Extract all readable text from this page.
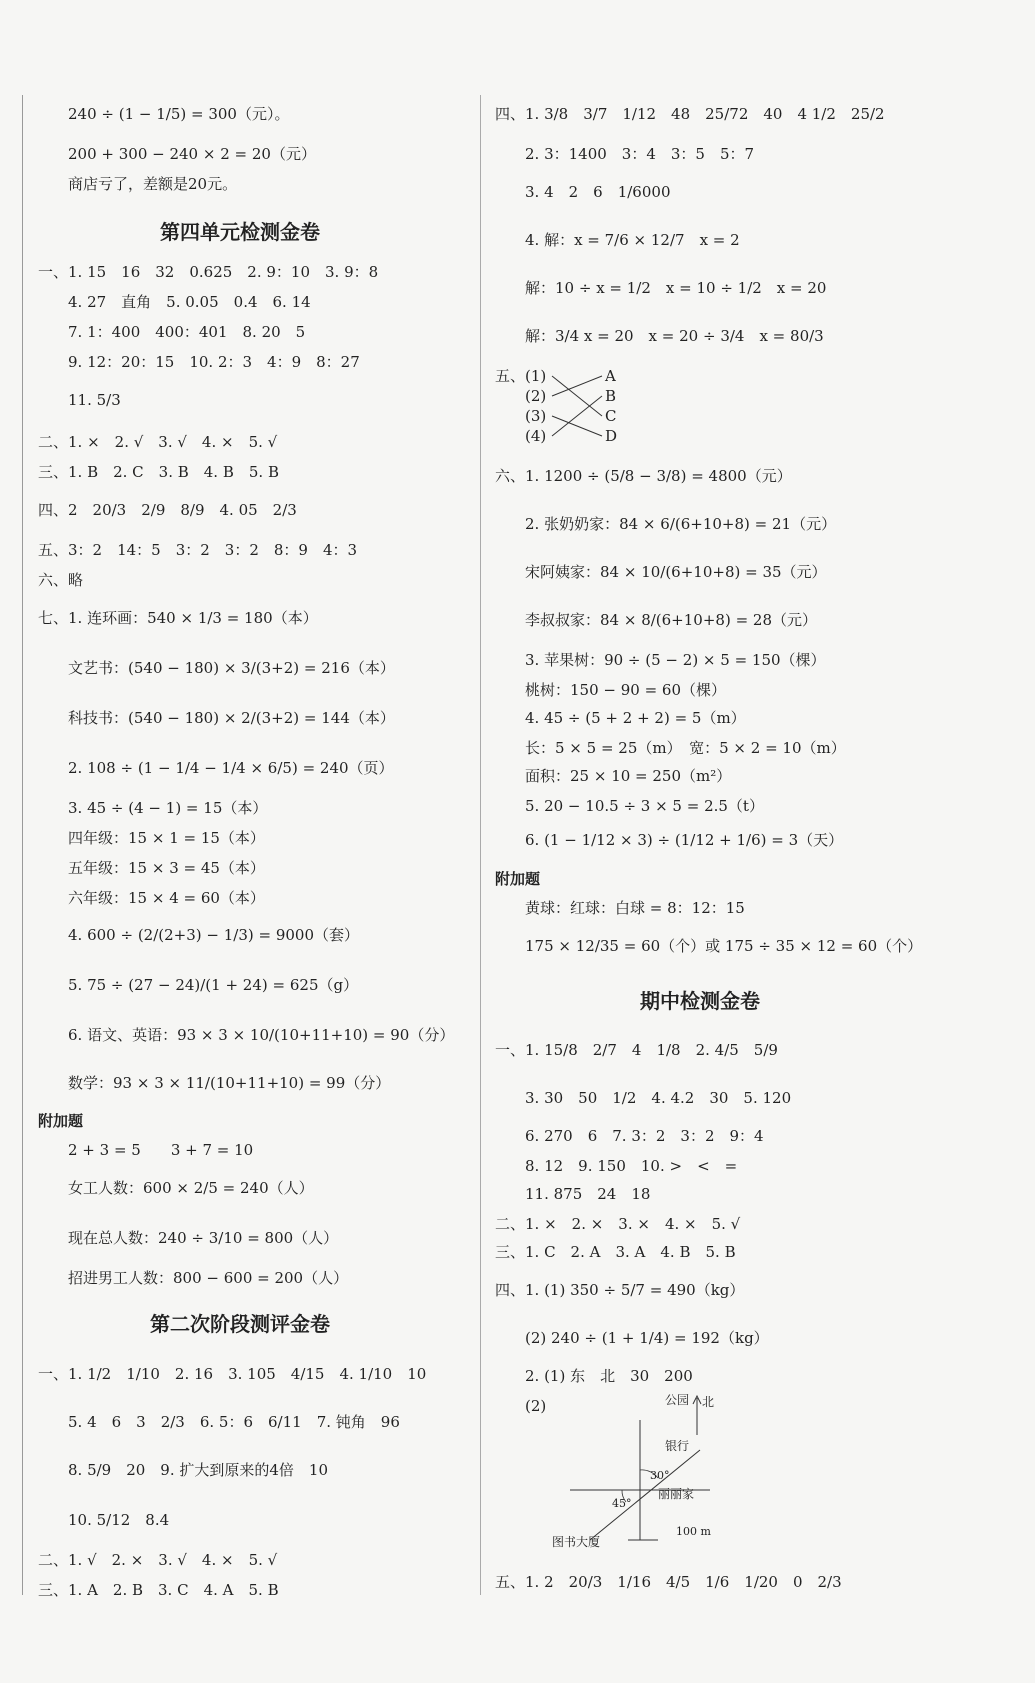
240 ÷ (1 − 1/5) = 300（元）。
200 + 300 − 240 × 2 = 20（元）
商店亏了，差额是20元。
第四单元检测金卷
一、1. 15　16　32　0.625　2. 9：10　3. 9：8
4. 27　直角　5. 0.05　0.4　6. 14
7. 1：400　400：401　8. 20　5
9. 12：20：15　10. 2：3　4：9　8：27
11. 5/3
二、1. ×　2. √　3. √　4. ×　5. √
三、1. B　2. C　3. B　4. B　5. B
四、2　20/3　2/9　8/9　4. 05　2/3
五、3：2　14：5　3：2　3：2　8：9　4：3
六、略
七、1. 连环画：540 × 1/3 = 180（本）
文艺书：(540 − 180) × 3/(3+2) = 216（本）
科技书：(540 − 180) × 2/(3+2) = 144（本）
2. 108 ÷ (1 − 1/4 − 1/4 × 6/5) = 240（页）
3. 45 ÷ (4 − 1) = 15（本）
四年级：15 × 1 = 15（本）
五年级：15 × 3 = 45（本）
六年级：15 × 4 = 60（本）
4. 600 ÷ (2/(2+3) − 1/3) = 9000（套）
5. 75 ÷ (27 − 24)/(1 + 24) = 625（g）
6. 语文、英语：93 × 3 × 10/(10+11+10) = 90（分）
数学：93 × 3 × 11/(10+11+10) = 99（分）
附加题
2 + 3 = 5　　3 + 7 = 10
女工人数：600 × 2/5 = 240（人）
现在总人数：240 ÷ 3/10 = 800（人）
招进男工人数：800 − 600 = 200（人）
第二次阶段测评金卷
一、1. 1/2　1/10　2. 16　3. 105　4/15　4. 1/10　10
5. 4　6　3　2/3　6. 5：6　6/11　7. 钝角　96
8. 5/9　20　9. 扩大到原来的4倍　10
10. 5/12　8.4
二、1. √　2. ×　3. √　4. ×　5. √
三、1. A　2. B　3. C　4. A　5. B
四、1. 3/8　3/7　1/12　48　25/72　40　4 1/2　25/2
2. 3：1400　3：4　3：5　5：7
3. 4　2　6　1/6000
4. 解：x = 7/6 × 12/7　x = 2
解：10 ÷ x = 1/2　x = 10 ÷ 1/2　x = 20
解：3/4 x = 20　x = 20 ÷ 3/4　x = 80/3
五、 (1)
(2)
(3)
(4)
A
B
C
D
六、1. 1200 ÷ (5/8 − 3/8) = 4800（元）
2. 张奶奶家：84 × 6/(6+10+8) = 21（元）
宋阿姨家：84 × 10/(6+10+8) = 35（元）
李叔叔家：84 × 8/(6+10+8) = 28（元）
3. 苹果树：90 ÷ (5 − 2) × 5 = 150（棵）
桃树：150 − 90 = 60（棵）
4. 45 ÷ (5 + 2 + 2) = 5（m）
长：5 × 5 = 25（m）　宽：5 × 2 = 10（m）
面积：25 × 10 = 250（m²）
5. 20 − 10.5 ÷ 3 × 5 = 2.5（t）
6. (1 − 1/12 × 3) ÷ (1/12 + 1/6) = 3（天）
附加题
黄球：红球：白球 = 8：12：15
175 × 12/35 = 60（个）或 175 ÷ 35 × 12 = 60（个）
期中检测金卷
一、1. 15/8　2/7　4　1/8　2. 4/5　5/9
3. 30　50　1/2　4. 4.2　30　5. 120
6. 270　6　7. 3：2　3：2　9：4
8. 12　9. 150　10. >　<　=
11. 875　24　18
二、1. ×　2. ×　3. ×　4. ×　5. √
三、1. C　2. A　3. A　4. B　5. B
四、1. (1) 350 ÷ 5/7 = 490（kg）
(2) 240 ÷ (1 + 1/4) = 192（kg）
2. (1) 东　北　30　200
(2)	公园 北
银行
30°
丽丽家
45°
图书大厦
100 m
五、1. 2　20/3　1/16　4/5　1/6　1/20　0　2/3
